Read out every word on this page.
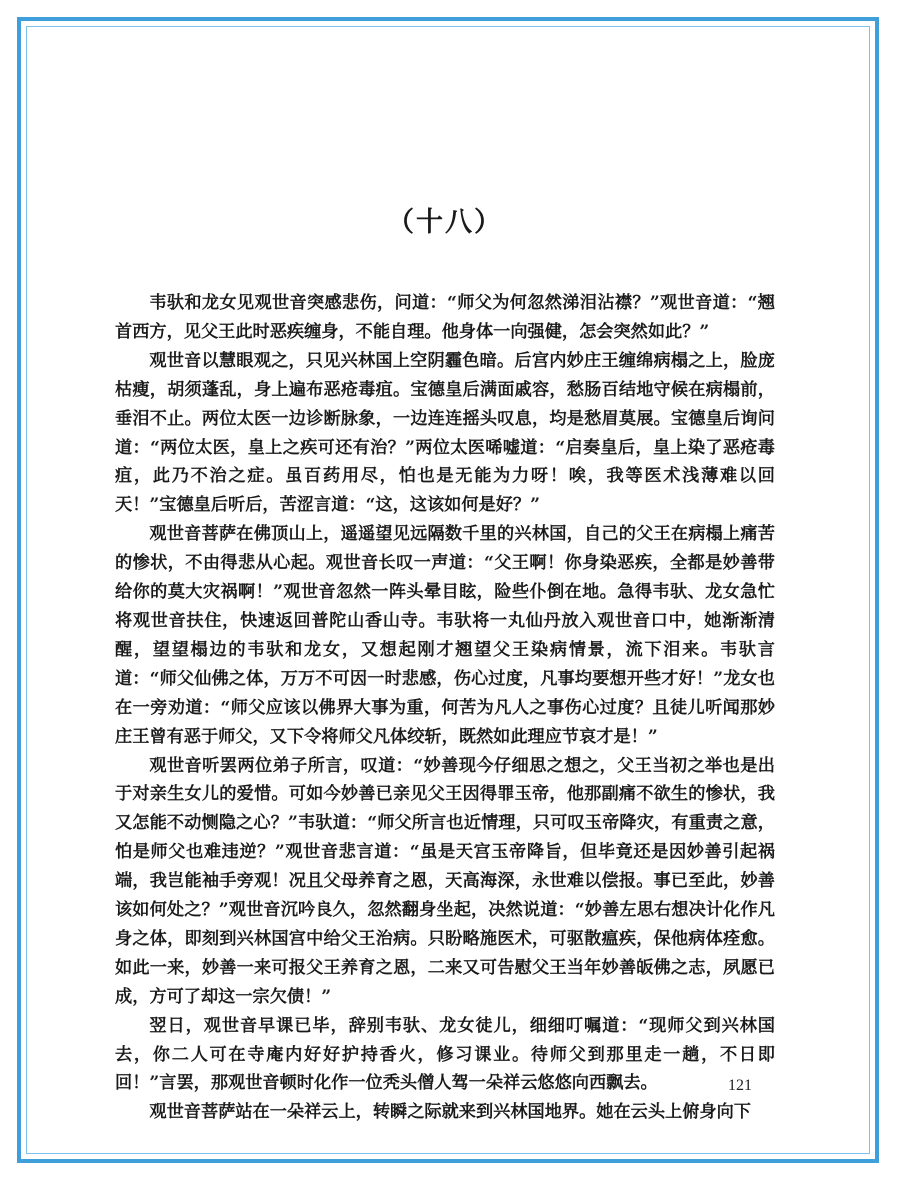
（十八）

韦驮和龙女见观世音突感悲伤，问道：“师父为何忽然涕泪沾襟？”观世音道：“翘首西方，见父王此时恶疾缠身，不能自理。他身体一向强健，怎会突然如此？”

观世音以慧眼观之，只见兴林国上空阴霾色暗。后宫内妙庄王缠绵病榻之上，脸庞枯瘦，胡须蓬乱，身上遍布恶疮毒疽。宝德皇后满面戚容，愁肠百结地守候在病榻前，垂泪不止。两位太医一边诊断脉象，一边连连摇头叹息，均是愁眉莫展。宝德皇后询问道：“两位太医，皇上之疾可还有治？”两位太医唏嘘道：“启奏皇后，皇上染了恶疮毒疽，此乃不治之症。虽百药用尽，怕也是无能为力呀！唉，我等医术浅薄难以回天！”宝德皇后听后，苦涩言道：“这，这该如何是好？”

观世音菩萨在佛顶山上，遥遥望见远隔数千里的兴林国，自己的父王在病榻上痛苦的惨状，不由得悲从心起。观世音长叹一声道：“父王啊！你身染恶疾，全都是妙善带给你的莫大灾祸啊！”观世音忽然一阵头晕目眩，险些仆倒在地。急得韦驮、龙女急忙将观世音扶住，快速返回普陀山香山寺。韦驮将一丸仙丹放入观世音口中，她渐渐清醒，望望榻边的韦驮和龙女，又想起刚才翘望父王染病情景，流下泪来。韦驮言道：“师父仙佛之体，万万不可因一时悲感，伤心过度，凡事均要想开些才好！”龙女也在一旁劝道：“师父应该以佛界大事为重，何苦为凡人之事伤心过度？且徒儿听闻那妙庄王曾有恶于师父，又下令将师父凡体绞斩，既然如此理应节哀才是！”

观世音听罢两位弟子所言，叹道：“妙善现今仔细思之想之，父王当初之举也是出于对亲生女儿的爱惜。可如今妙善已亲见父王因得罪玉帝，他那副痛不欲生的惨状，我又怎能不动恻隐之心？”韦驮道：“师父所言也近情理，只可叹玉帝降灾，有重责之意，怕是师父也难违逆？”观世音悲言道：“虽是天宫玉帝降旨，但毕竟还是因妙善引起祸端，我岂能袖手旁观！况且父母养育之恩，天高海深，永世难以偿报。事已至此，妙善该如何处之？”观世音沉吟良久，忽然翻身坐起，决然说道：“妙善左思右想决计化作凡身之体，即刻到兴林国宫中给父王治病。只盼略施医术，可驱散瘟疾，保他病体痊愈。如此一来，妙善一来可报父王养育之恩，二来又可告慰父王当年妙善皈佛之志，夙愿已成，方可了却这一宗欠债！”

翌日，观世音早课已毕，辞别韦驮、龙女徒儿，细细叮嘱道：“现师父到兴林国去，你二人可在寺庵内好好护持香火，修习课业。待师父到那里走一趟，不日即回！”言罢，那观世音顿时化作一位秃头僧人驾一朵祥云悠悠向西飘去。

观世音菩萨站在一朵祥云上，转瞬之际就来到兴林国地界。她在云头上俯身向下

121
